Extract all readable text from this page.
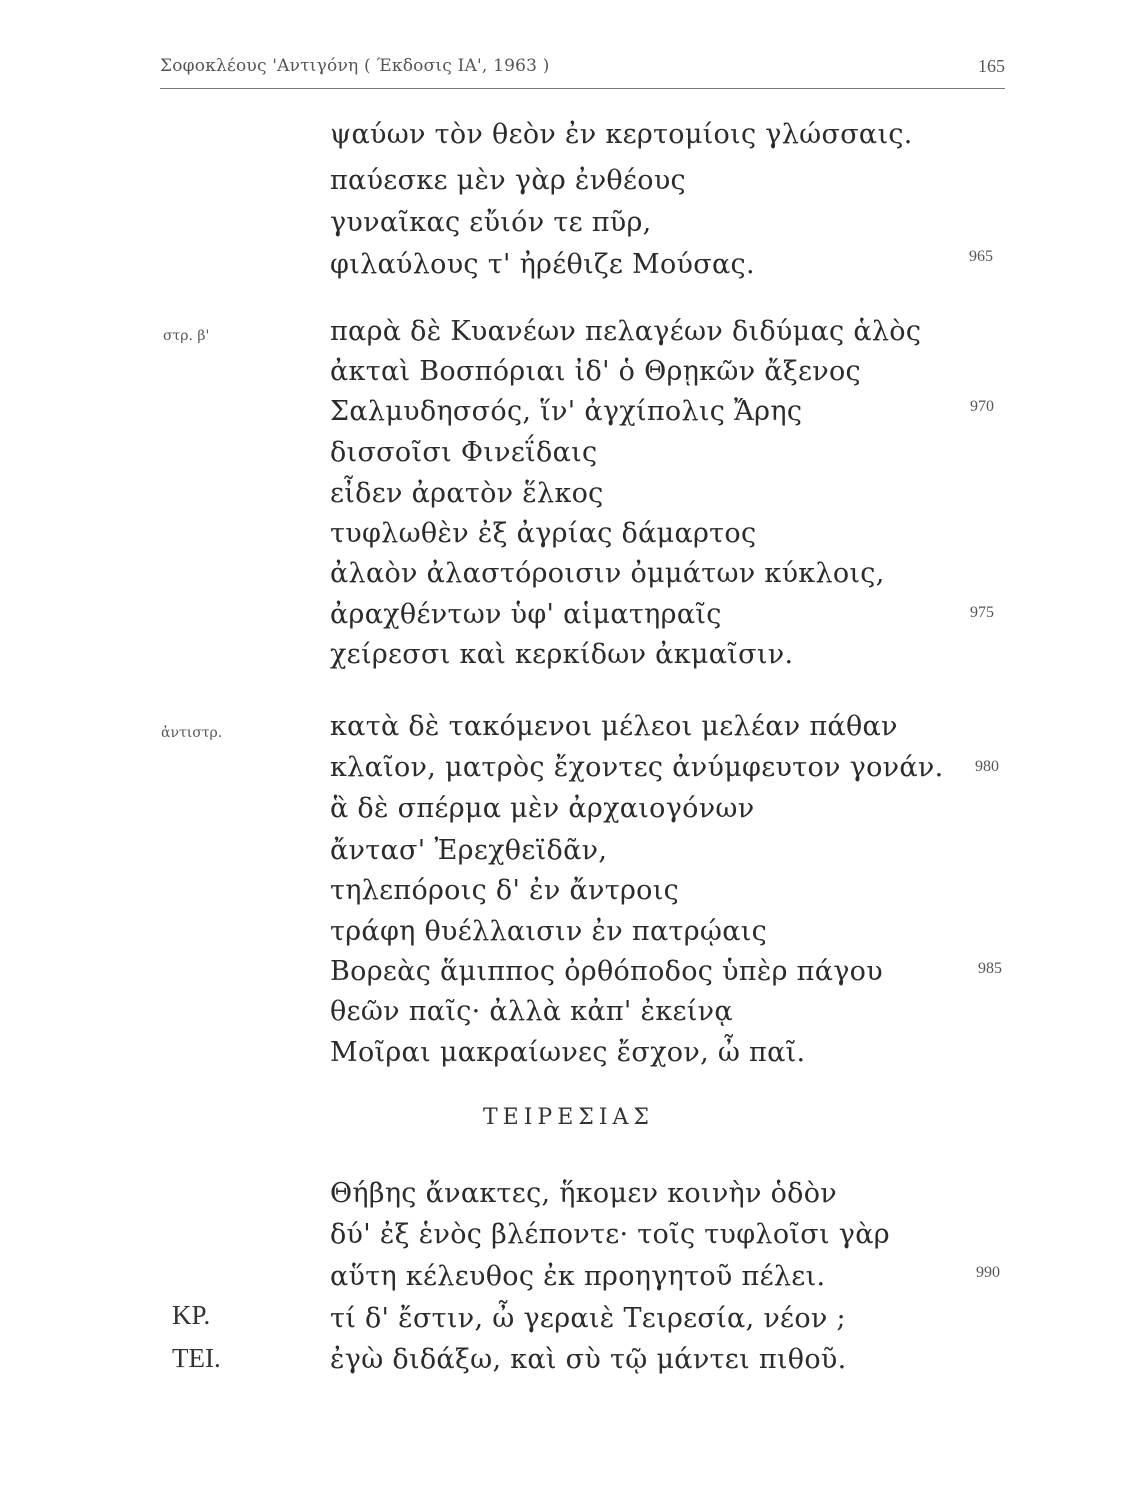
Σοφοκλέους 'Αντιγόνη ( Έκδοσις ΙΑ', 1963 )	165
ψαύων τὸν θεὸν ἐν κερτομίοις γλώσσαις.
παύεσκε μὲν γὰρ ἐνθέους
γυναῖκας εὔιόν τε πῦρ,
φιλαύλους τ' ἠρέθιζε Μούσας.	965
στρ. β'	παρὰ δὲ Κυανέων πελαγέων διδύμας ἁλὸς
ἀκταὶ Βοσπόριαι ἰδ' ὁ Θρῃκῶν ἄξενος
Σαλμυδησσός, ἵν' ἀγχίπολις Ἄρης	970
δισσοῖσι Φινεΐδαις
εἶδεν ἀρατὸν ἕλκος
τυφλωθὲν ἐξ ἀγρίας δάμαρτος
ἀλαὸν ἀλαστόροισιν ὀμμάτων κύκλοις,
ἀραχθέντων ὑφ' αἱματηραῖς	975
χείρεσσι καὶ κερκίδων ἀκμαῖσιν.
ἀντιστρ.	κατὰ δὲ τακόμενοι μέλεοι μελέαν πάθαν
κλαῖον, ματρὸς ἔχοντες ἀνύμφευτον γονάν. 980
ἃ δὲ σπέρμα μὲν ἀρχαιογόνων
ἄντασ' Ἐρεχθεϊδᾶν,
τηλεπόροις δ' ἐν ἄντροις
τράφη θυέλλαισιν ἐν πατρῴαις
Βορεὰς ἅμιππος ὀρθόποδος ὑπὲρ πάγου	985
θεῶν παῖς· ἀλλὰ κἀπ' ἐκείνᾳ
Μοῖραι μακραίωνες ἔσχον, ὦ παῖ.
ΤΕΙΡΕΣΙΑΣ
Θήβης ἄνακτες, ἥκομεν κοινὴν ὁδὸν
δύ' ἐξ ἑνὸς βλέποντε· τοῖς τυφλοῖσι γὰρ
αὕτη κέλευθος ἐκ προηγητοῦ πέλει.	990
ΚΡ.	τί δ' ἔστιν, ὦ γεραιὲ Τειρεσία, νέον ;
ΤΕΙ.	ἐγὼ διδάξω, καὶ σὺ τῷ μάντει πιθοῦ.
